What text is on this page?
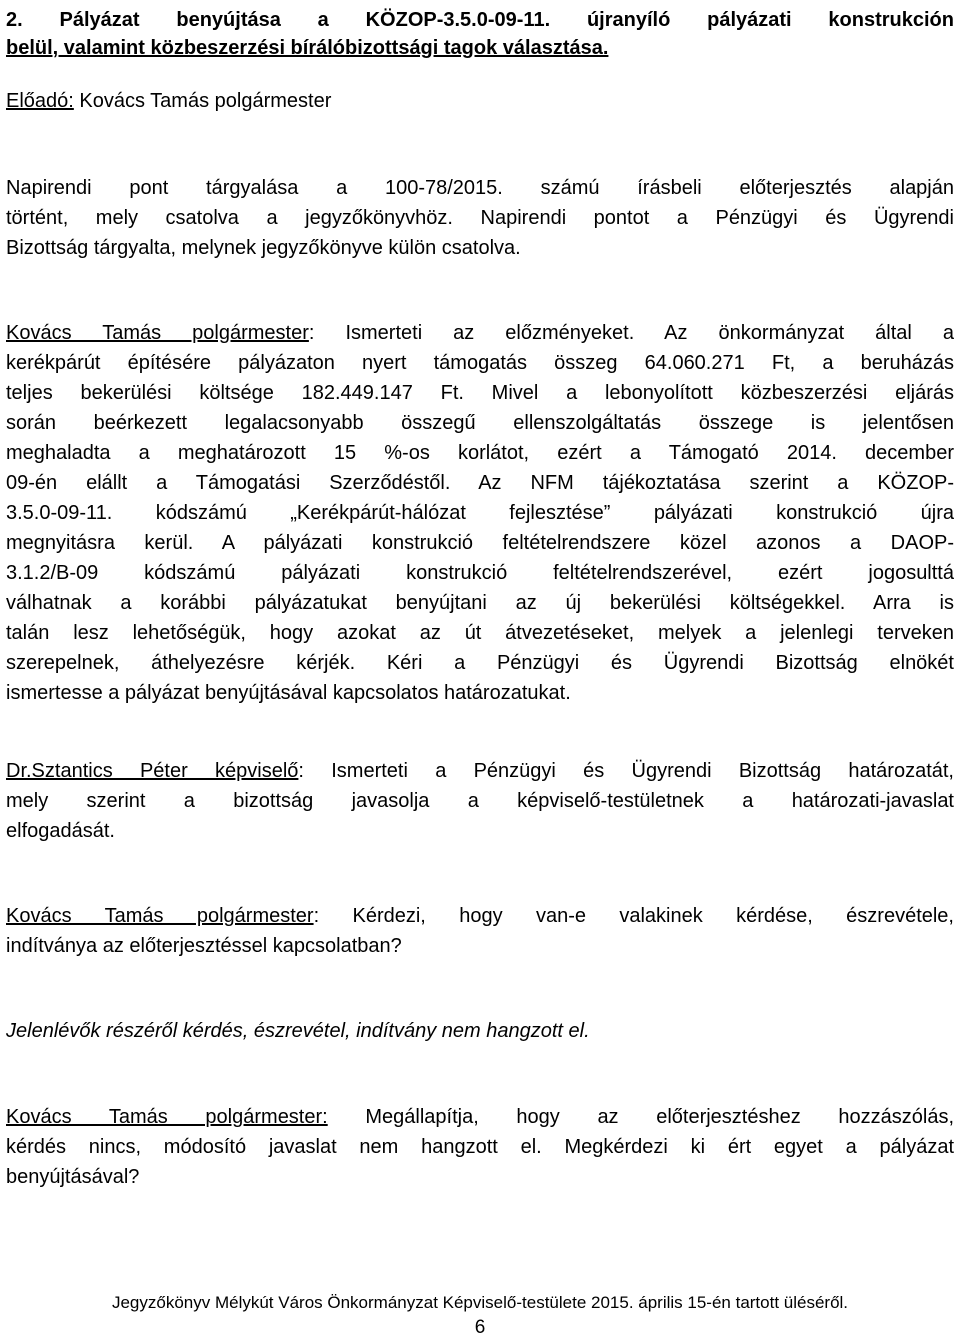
2. Pályázat benyújtása a KÖZOP-3.5.0-09-11. újranyíló pályázati konstrukción
belül, valamint közbeszerzési bírálóbizottsági tagok választása.
Előadó: Kovács Tamás polgármester
Napirendi pont tárgyalása a 100-78/2015. számú írásbeli előterjesztés alapján
történt, mely csatolva a jegyzőkönyvhöz. Napirendi pontot a Pénzügyi és Ügyrendi
Bizottság tárgyalta, melynek jegyzőkönyve külön csatolva.
Kovács Tamás polgármester: Ismerteti az előzményeket. Az önkormányzat által a
kerékpárút építésére pályázaton nyert támogatás összeg 64.060.271 Ft, a beruházás
teljes bekerülési költsége 182.449.147 Ft. Mivel a lebonyolított közbeszerzési eljárás
során beérkezett legalacsonyabb összegű ellenszolgáltatás összege is jelentősen
meghaladta a meghatározott 15 %-os korlátot, ezért a Támogató 2014. december
09-én elállt a Támogatási Szerződéstől. Az NFM tájékoztatása szerint a KÖZOP-
3.5.0-09-11. kódszámú „Kerékpárút-hálózat fejlesztése” pályázati konstrukció újra
megnyitásra kerül. A pályázati konstrukció feltételrendszere közel azonos a DAOP-
3.1.2/B-09 kódszámú pályázati konstrukció feltételrendszerével, ezért jogosulttá
válhatnak a korábbi pályázatukat benyújtani az új bekerülési költségekkel. Arra is
talán lesz lehetőségük, hogy azokat az út átvezetéseket, melyek a jelenlegi terveken
szerepelnek, áthelyezésre kérjék. Kéri a Pénzügyi és Ügyrendi Bizottság elnökét
ismertesse a pályázat benyújtásával kapcsolatos határozatukat.
Dr.Sztantics Péter képviselő: Ismerteti a Pénzügyi és Ügyrendi Bizottság határozatát,
mely szerint a bizottság javasolja a képviselő-testületnek a határozati-javaslat
elfogadását.
Kovács Tamás polgármester: Kérdezi, hogy van-e valakinek kérdése, észrevétele,
indítványa az előterjesztéssel kapcsolatban?
Jelenlévők részéről kérdés, észrevétel, indítvány nem hangzott el.
Kovács Tamás polgármester: Megállapítja, hogy az előterjesztéshez hozzászólás,
kérdés nincs, módosító javaslat nem hangzott el. Megkérdezi ki ért egyet a pályázat
benyújtásával?
Jegyzőkönyv Mélykút Város Önkormányzat Képviselő-testülete 2015. április 15-én tartott üléséről.
6
